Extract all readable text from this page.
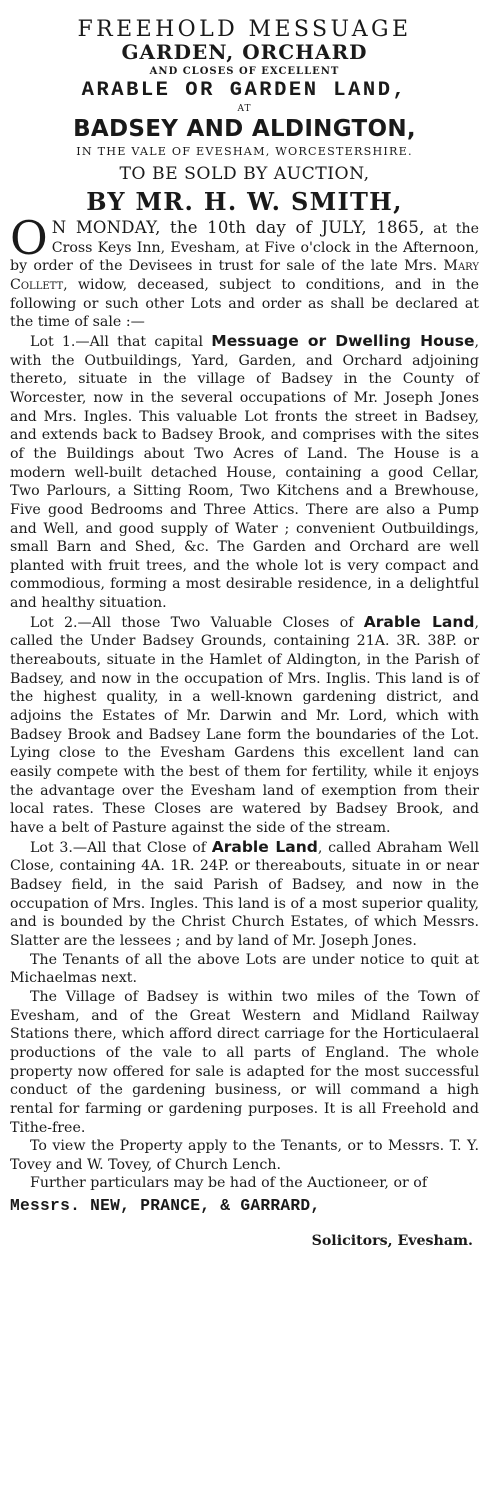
FREEHOLD MESSUAGE

GARDEN, ORCHARD

AND CLOSES OF EXCELLENT

ARABLE OR GARDEN LAND,

AT

BADSEY AND ALDINGTON,

IN THE VALE OF EVESHAM, WORCESTERSHIRE.

TO BE SOLD BY AUCTION,

BY MR. H. W. SMITH,

O N MONDAY, the 10th day of JULY, 1865, at the Cross Keys Inn, Evesham, at Five o'clock in the Afternoon, by order of the Devisees in trust for sale of the late Mrs. Mary Collett, widow, deceased, subject to conditions, and in the following or such other Lots and order as shall be declared at the time of sale :—

Lot 1.—All that capital Messuage or Dwelling House, with the Outbuildings, Yard, Garden, and Orchard adjoining thereto, situate in the village of Badsey in the County of Worcester, now in the several occupations of Mr. Joseph Jones and Mrs. Ingles. This valuable Lot fronts the street in Badsey, and extends back to Badsey Brook, and comprises with the sites of the Buildings about Two Acres of Land. The House is a modern well-built detached House, containing a good Cellar, Two Parlours, a Sitting Room, Two Kitchens and a Brewhouse, Five good Bedrooms and Three Attics. There are also a Pump and Well, and good supply of Water ; convenient Outbuildings, small Barn and Shed, &c. The Garden and Orchard are well planted with fruit trees, and the whole lot is very compact and commodious, forming a most desirable residence, in a delightful and healthy situation.

Lot 2.—All those Two Valuable Closes of Arable Land, called the Under Badsey Grounds, containing 21A. 3R. 38P. or thereabouts, situate in the Hamlet of Aldington, in the Parish of Badsey, and now in the occupation of Mrs. Inglis. This land is of the highest quality, in a well-known gardening district, and adjoins the Estates of Mr. Darwin and Mr. Lord, which with Badsey Brook and Badsey Lane form the boundaries of the Lot. Lying close to the Evesham Gardens this excellent land can easily compete with the best of them for fertility, while it enjoys the advantage over the Evesham land of exemption from their local rates. These Closes are watered by Badsey Brook, and have a belt of Pasture against the side of the stream.

Lot 3.—All that Close of Arable Land, called Abraham Well Close, containing 4A. 1R. 24P. or thereabouts, situate in or near Badsey field, in the said Parish of Badsey, and now in the occupation of Mrs. Ingles. This land is of a most superior quality, and is bounded by the Christ Church Estates, of which Messrs. Slatter are the lessees ; and by land of Mr. Joseph Jones.

The Tenants of all the above Lots are under notice to quit at Michaelmas next.

The Village of Badsey is within two miles of the Town of Evesham, and of the Great Western and Midland Railway Stations there, which afford direct carriage for the Horticulaeral productions of the vale to all parts of England. The whole property now offered for sale is adapted for the most successful conduct of the gardening business, or will command a high rental for farming or gardening purposes. It is all Freehold and Tithe-free.

To view the Property apply to the Tenants, or to Messrs. T. Y. Tovey and W. Tovey, of Church Lench.

Further particulars may be had of the Auctioneer, or of

Messrs. NEW, PRANCE, & GARRARD,

Solicitors, Evesham.
